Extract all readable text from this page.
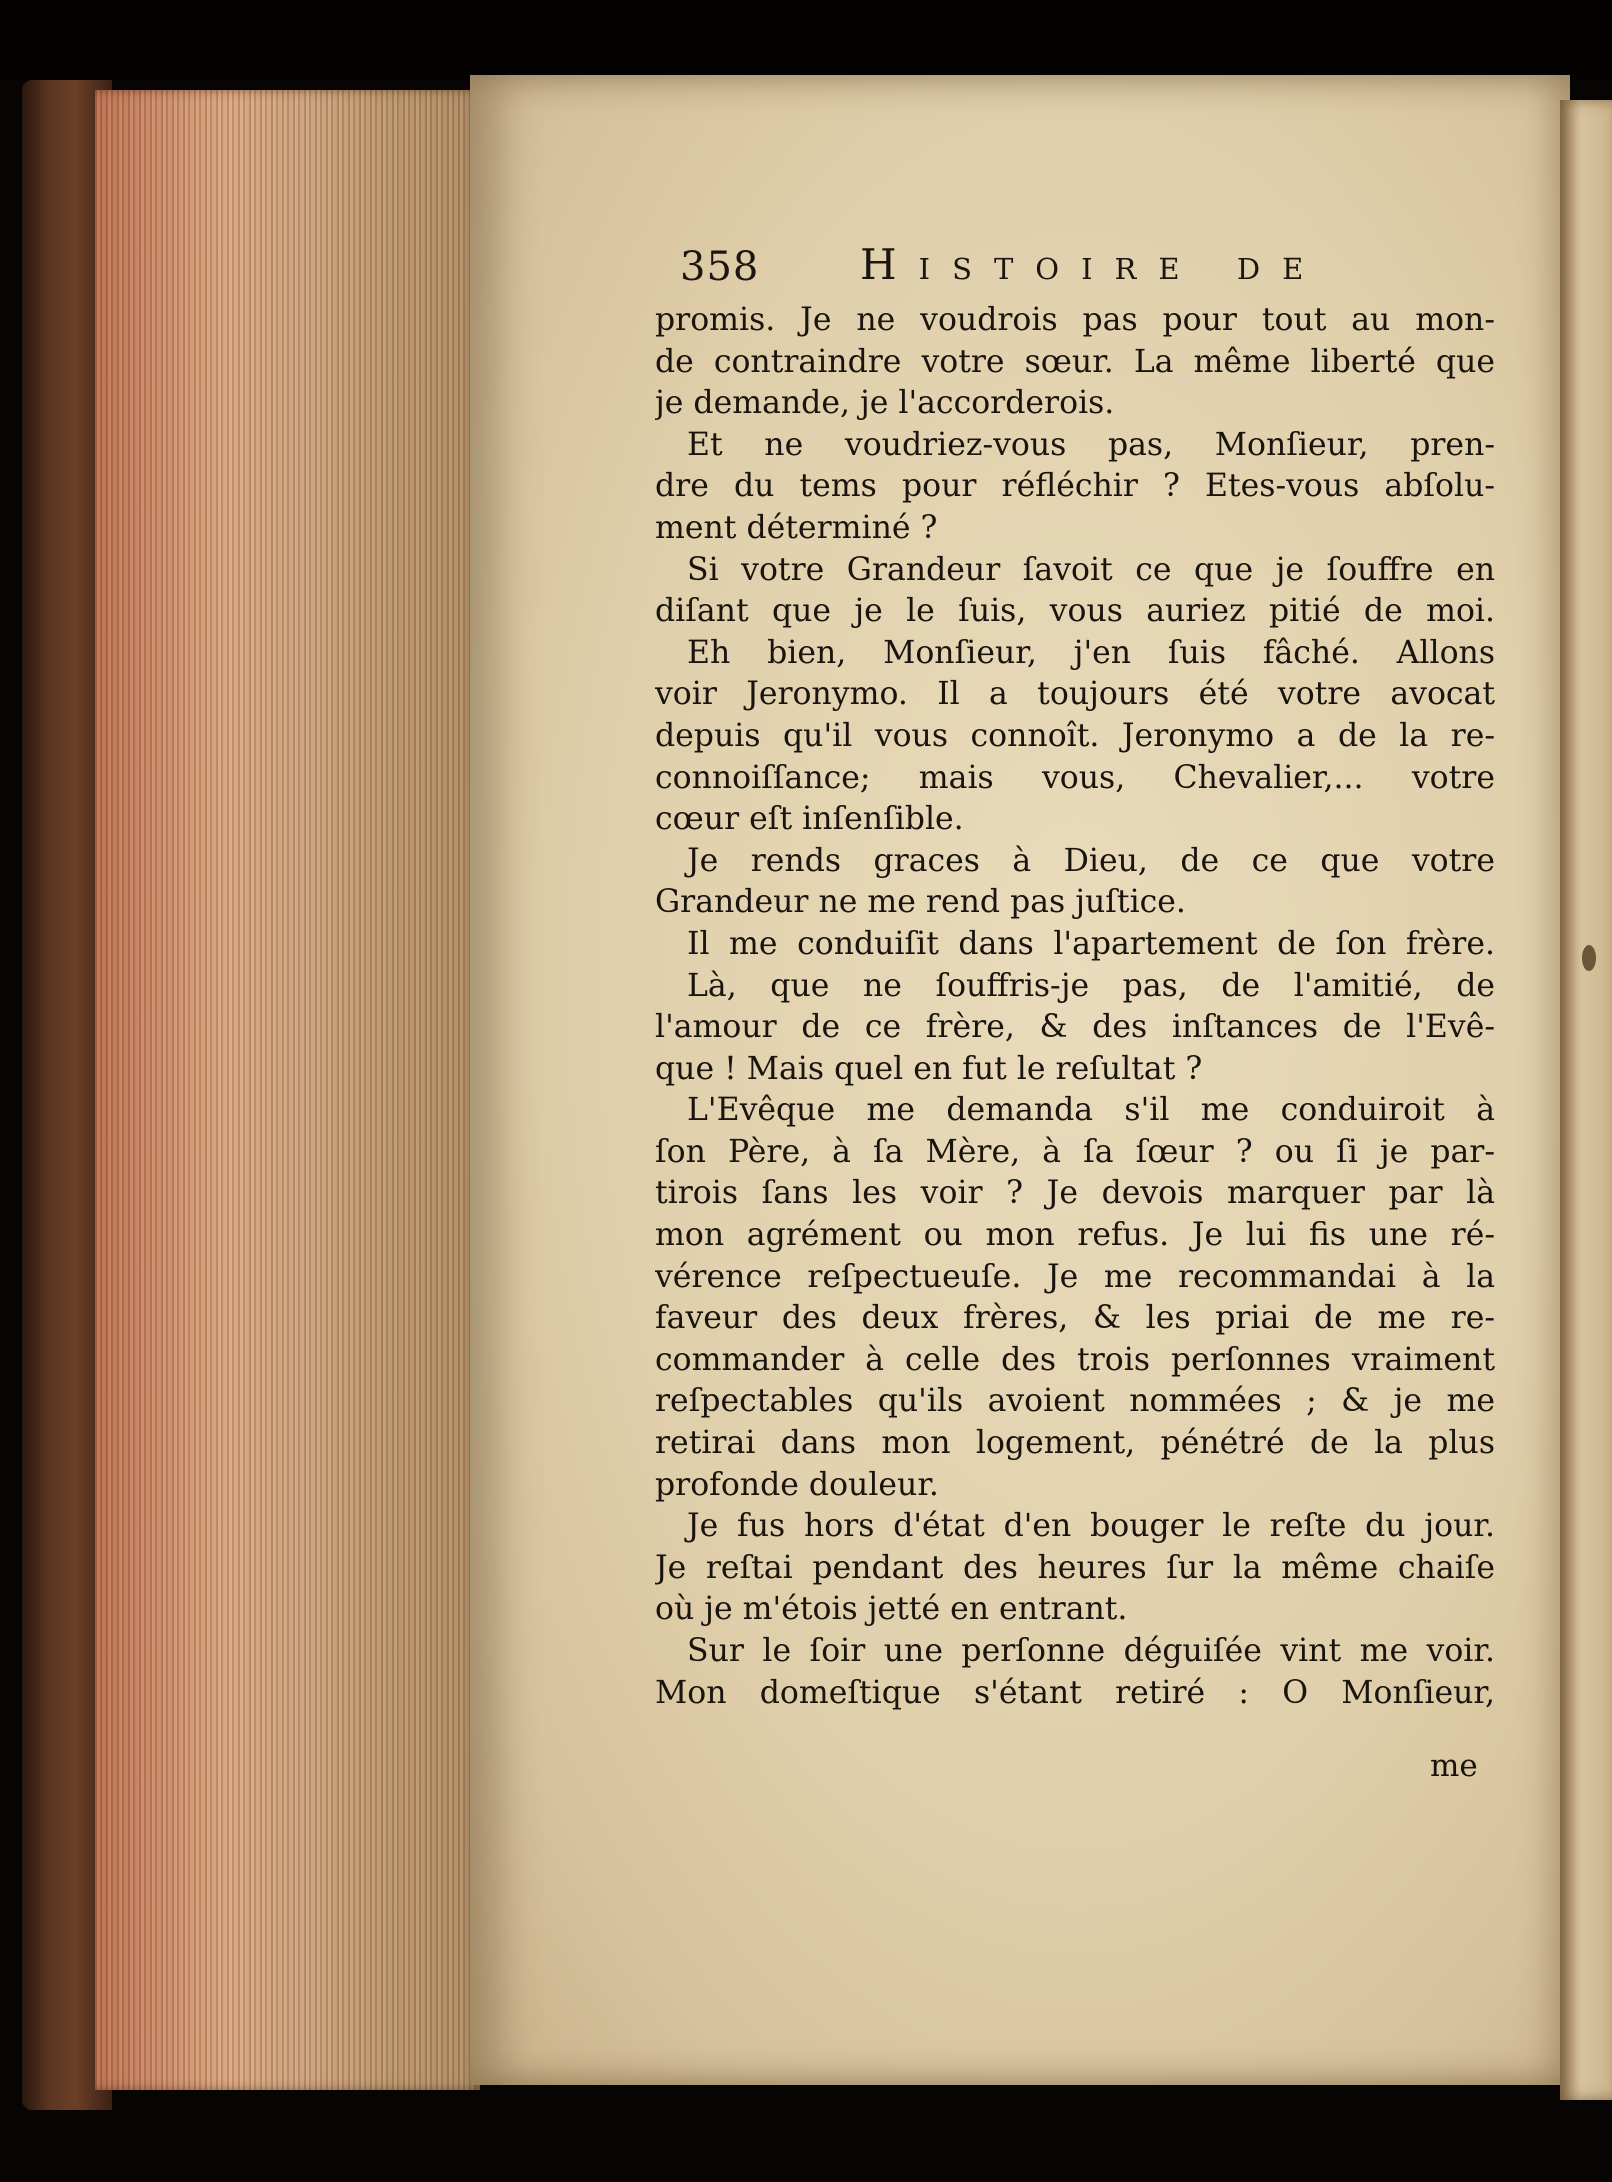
358 Histoire de
promis. Je ne voudrois pas pour tout au mon-
de contraindre votre sœur. La même liberté que
je demande, je l'accorderois.
Et ne voudriez-vous pas, Monſieur, pren-
dre du tems pour réfléchir ? Etes-vous abſolu-
ment déterminé ?
Si votre Grandeur ſavoit ce que je ſouffre en
diſant que je le ſuis, vous auriez pitié de moi.
Eh bien, Monſieur, j'en ſuis fâché. Allons
voir Jeronymo. Il a toujours été votre avocat
depuis qu'il vous connoît. Jeronymo a de la re-
connoiſſance; mais vous, Chevalier,... votre
cœur eſt inſenſible.
Je rends graces à Dieu, de ce que votre
Grandeur ne me rend pas juſtice.
Il me conduiſit dans l'apartement de ſon frère.
Là, que ne ſouffris-je pas, de l'amitié, de
l'amour de ce frère, & des inſtances de l'Evê-
que ! Mais quel en fut le reſultat ?
L'Evêque me demanda s'il me conduiroit à
ſon Père, à ſa Mère, à ſa ſœur ? ou ſi je par-
tirois ſans les voir ? Je devois marquer par là
mon agrément ou mon refus. Je lui fis une ré-
vérence reſpectueuſe. Je me recommandai à la
faveur des deux frères, & les priai de me re-
commander à celle des trois perſonnes vraiment
reſpectables qu'ils avoient nommées ; & je me
retirai dans mon logement, pénétré de la plus
profonde douleur.
Je fus hors d'état d'en bouger le reſte du jour.
Je reſtai pendant des heures ſur la même chaiſe
où je m'étois jetté en entrant.
Sur le ſoir une perſonne déguiſée vint me voir.
Mon domeſtique s'étant retiré : O Monſieur,
me
